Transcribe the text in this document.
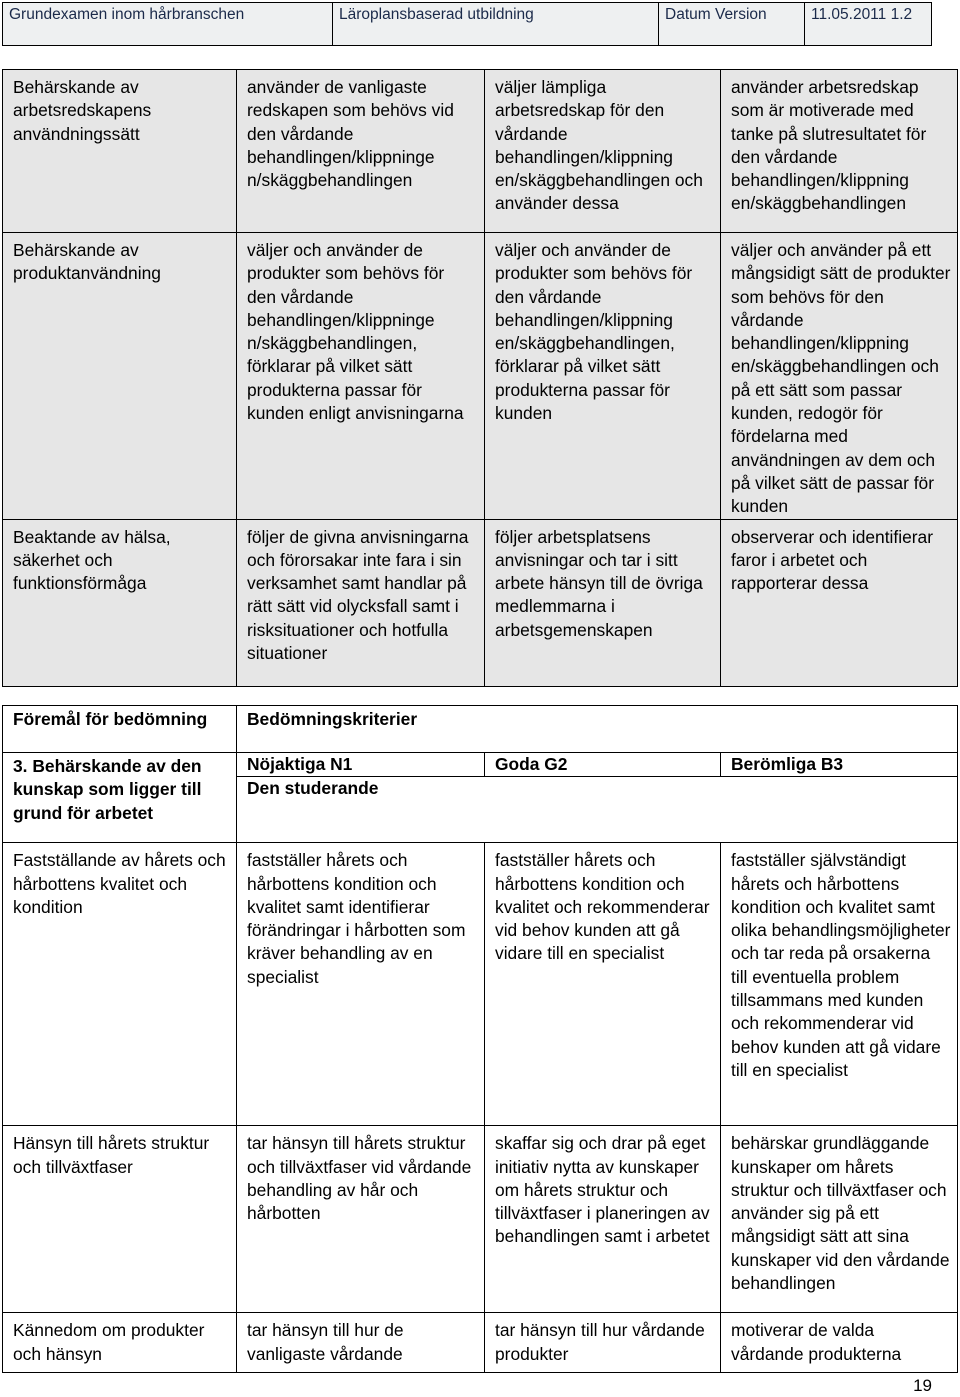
Grundexamen inom hårbranschen	Läroplansbaserad utbildning	Datum Version	11.05.2011 1.2
Behärskande av arbetsredskapens användningssätt	använder de vanligaste redskapen som behövs vid den vårdande behandlingen/klippninge n/skäggbehandlingen	väljer lämpliga arbetsredskap för den vårdande behandlingen/klippning en/skäggbehandlingen och använder dessa	använder arbetsredskap som är motiverade med tanke på slutresultatet för den vårdande behandlingen/klippning en/skäggbehandlingen
Behärskande av produktanvändning	väljer och använder de produkter som behövs för den vårdande behandlingen/klippninge n/skäggbehandlingen, förklarar på vilket sätt produkterna passar för kunden enligt anvisningarna	väljer och använder de produkter som behövs för den vårdande behandlingen/klippning en/skäggbehandlingen, förklarar på vilket sätt produkterna passar för kunden	väljer och använder på ett mångsidigt sätt de produkter som behövs för den vårdande behandlingen/klippning en/skäggbehandlingen och på ett sätt som passar kunden, redogör för fördelarna med användningen av dem och på vilket sätt de passar för kunden
Beaktande av hälsa, säkerhet och funktionsförmåga	följer de givna anvisningarna och förorsakar inte fara i sin verksamhet samt handlar på rätt sätt vid olycksfall samt i risksituationer och hotfulla situationer	följer arbetsplatsens anvisningar och tar i sitt arbete hänsyn till de övriga medlemmarna i arbetsgemenskapen	observerar och identifierar faror i arbetet och rapporterar dessa
Föremål för bedömning	Bedömningskriterier		
3. Behärskande av den kunskap som ligger till grund för arbetet	Nöjaktiga N1	Goda G2	Berömliga B3
	Den studerande		
Fastställande av hårets och hårbottens kvalitet och kondition	fastställer hårets och hårbottens kondition och kvalitet samt identifierar förändringar i hårbotten som kräver behandling av en specialist	fastställer hårets och hårbottens kondition och kvalitet och rekommenderar vid behov kunden att gå vidare till en specialist	fastställer självständigt hårets och hårbottens kondition och kvalitet samt olika behandlingsmöjligheter och tar reda på orsakerna till eventuella problem tillsammans med kunden och rekommenderar vid behov kunden att gå vidare till en specialist
Hänsyn till hårets struktur och tillväxtfaser	tar hänsyn till hårets struktur och tillväxtfaser vid vårdande behandling av hår och hårbotten	skaffar sig och drar på eget initiativ nytta av kunskaper om hårets struktur och tillväxtfaser i planeringen av behandlingen samt i arbetet	behärskar grundläggande kunskaper om hårets struktur och tillväxtfaser och använder sig på ett mångsidigt sätt att sina kunskaper vid den vårdande behandlingen
Kännedom om produkter och hänsyn	tar hänsyn till hur de vanligaste vårdande	tar hänsyn till hur vårdande produkter	motiverar de valda vårdande produkterna
19
